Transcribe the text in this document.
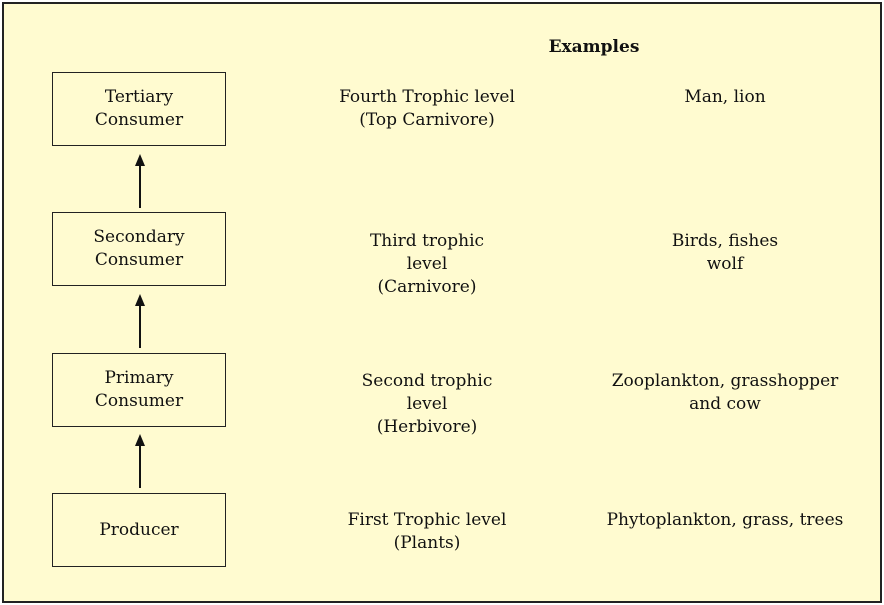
Examples
Tertiary
Consumer
Fourth Trophic level
(Top Carnivore)
Man, lion
Secondary
Consumer
Third trophic
level
(Carnivore)
Birds, fishes
wolf
Primary
Consumer
Second trophic
level
(Herbivore)
Zooplankton, grasshopper
and cow
Producer	First Trophic level
(Plants)
Phytoplankton, grass, trees
